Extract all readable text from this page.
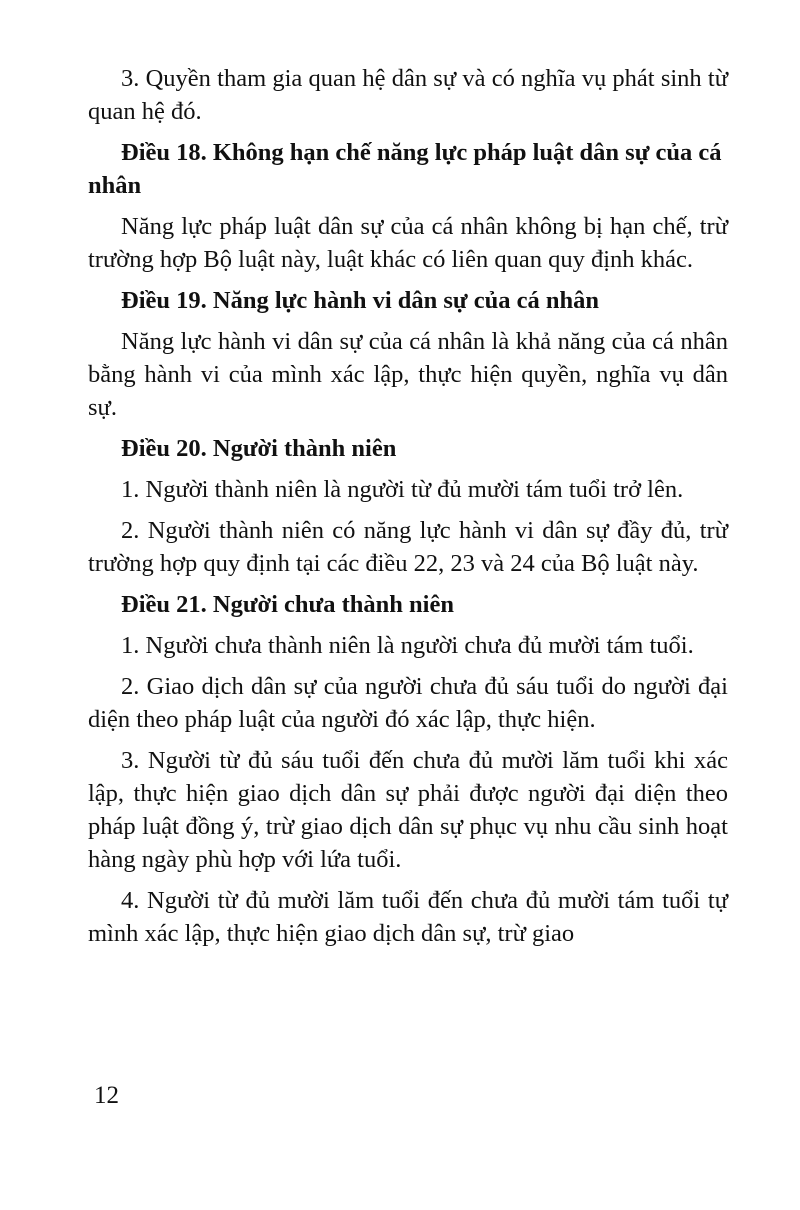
3. Quyền tham gia quan hệ dân sự và có nghĩa vụ phát sinh từ quan hệ đó.

Điều 18. Không hạn chế năng lực pháp luật dân sự của cá nhân

Năng lực pháp luật dân sự của cá nhân không bị hạn chế, trừ trường hợp Bộ luật này, luật khác có liên quan quy định khác.

Điều 19. Năng lực hành vi dân sự của cá nhân

Năng lực hành vi dân sự của cá nhân là khả năng của cá nhân bằng hành vi của mình xác lập, thực hiện quyền, nghĩa vụ dân sự.

Điều 20. Người thành niên

1. Người thành niên là người từ đủ mười tám tuổi trở lên.

2. Người thành niên có năng lực hành vi dân sự đầy đủ, trừ trường hợp quy định tại các điều 22, 23 và 24 của Bộ luật này.

Điều 21. Người chưa thành niên

1. Người chưa thành niên là người chưa đủ mười tám tuổi.

2. Giao dịch dân sự của người chưa đủ sáu tuổi do người đại diện theo pháp luật của người đó xác lập, thực hiện.

3. Người từ đủ sáu tuổi đến chưa đủ mười lăm tuổi khi xác lập, thực hiện giao dịch dân sự phải được người đại diện theo pháp luật đồng ý, trừ giao dịch dân sự phục vụ nhu cầu sinh hoạt hàng ngày phù hợp với lứa tuổi.

4. Người từ đủ mười lăm tuổi đến chưa đủ mười tám tuổi tự mình xác lập, thực hiện giao dịch dân sự, trừ giao

12
